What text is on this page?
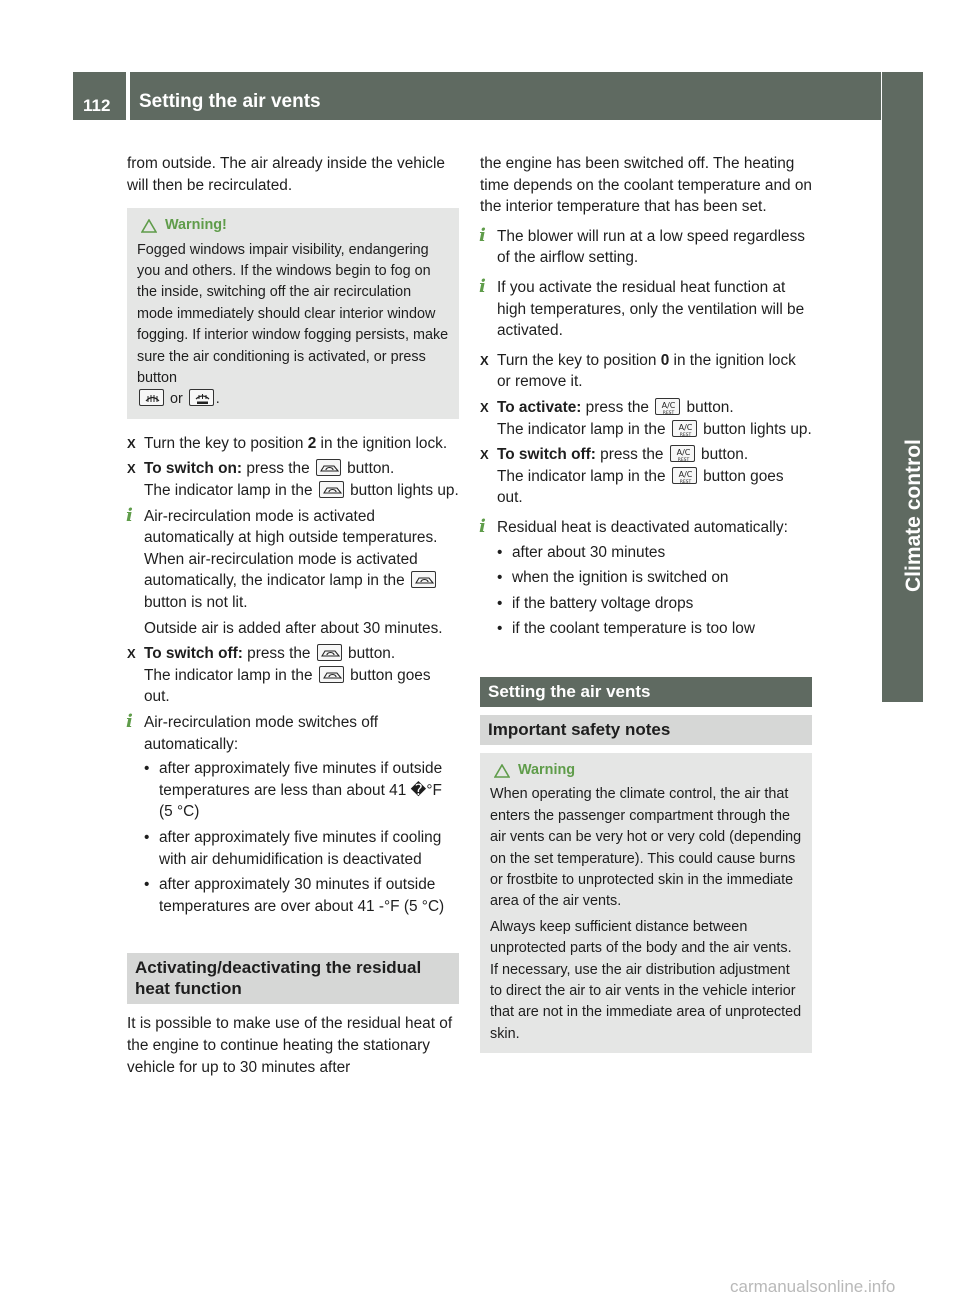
112	Setting the air vents
Climate control

from outside. The air already inside the vehicle will then be recirculated.

Warning!
Fogged windows impair visibility, endangering you and others. If the windows begin to fog on the inside, switching off the air recirculation mode immediately should clear interior window fogging. If interior window fogging persists, make sure the air conditioning is activated, or press button

or .
X Turn the key to position 2 in the ignition lock.
X To switch on: press the
button.
The indicator lamp in the
button lights up.
i Air-recirculation mode is activated automatically at high outside temperatures. When air-recirculation mode is activated automatically, the indicator lamp in the
button is not lit.
Outside air is added after about 30 minutes.
X To switch off: press the
button.
The indicator lamp in the
button goes out.
i Air-recirculation mode switches off automatically:
• after approximately five minutes if outside temperatures are less than about 41 �°F (5 °C)
• after approximately five minutes if cooling with air dehumidification is deactivated
• after approximately 30 minutes if outside temperatures are over about 41 ‑°F (5 °C)
Activating/deactivating the residual heat function

It is possible to make use of the residual heat of the engine to continue heating the stationary vehicle for up to 30 minutes after

the engine has been switched off. The heating time depends on the coolant temperature and on the interior temperature that has been set.

i The blower will run at a low speed regardless of the airflow setting.
i If you activate the residual heat function at high temperatures, only the ventilation will be activated.
X Turn the key to position 0 in the ignition lock or remove it.
X To activate: press the A/C
REST button.
The indicator lamp in the A/C
REST button lights up.
X To switch off: press the A/C
REST button.
The indicator lamp in the A/C
REST button goes out.
i Residual heat is deactivated automatically:
• after about 30 minutes
• when the ignition is switched on
• if the battery voltage drops
• if the coolant temperature is too low
Setting the air vents
Important safety notes
Warning

When operating the climate control, the air that enters the passenger compartment through the air vents can be very hot or very cold (depending on the set temperature). This could cause burns or frostbite to unprotected skin in the immediate area of the air vents.

Always keep sufficient distance between unprotected parts of the body and the air vents. If necessary, use the air distribution adjustment to direct the air to air vents in the vehicle interior that are not in the immediate area of unprotected skin.

carmanualsonline.info
